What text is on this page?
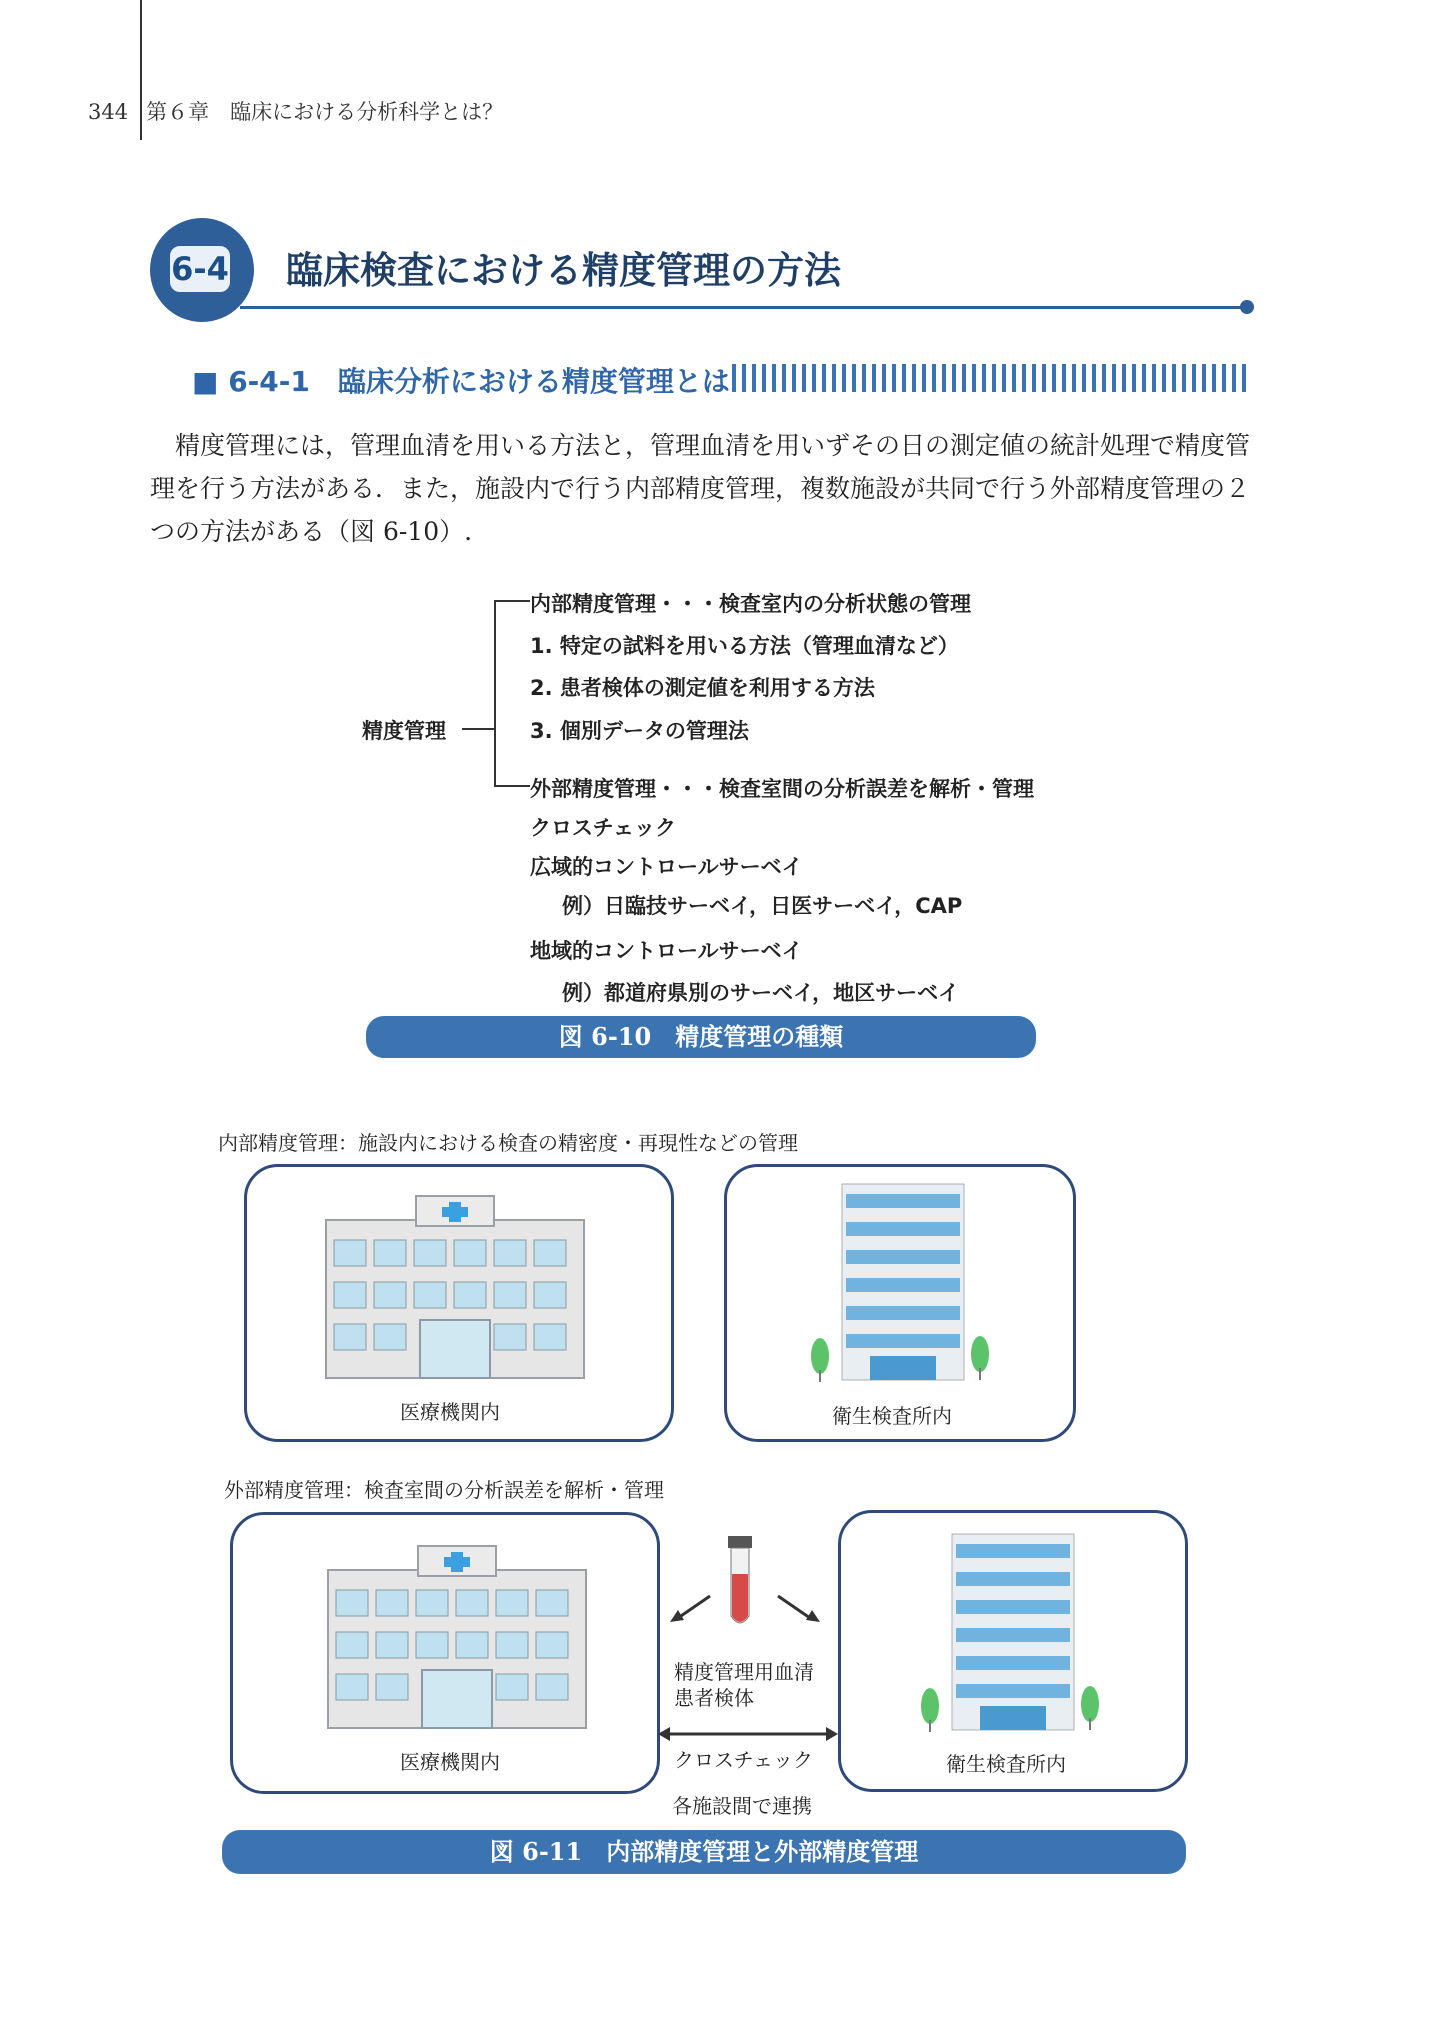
344 第６章　臨床における分析科学とは？
6-4 臨床検査における精度管理の方法
■ 6-4-1　臨床分析における精度管理とは

精度管理には，管理血清を用いる方法と，管理血清を用いずその日の測定値の統計処理で精度管理を行う方法がある．また，施設内で行う内部精度管理，複数施設が共同で行う外部精度管理の２つの方法がある（図 6-10）.

精度管理
内部精度管理・・・検査室内の分析状態の管理
1. 特定の試料を用いる方法（管理血清など）
2. 患者検体の測定値を利用する方法
3. 個別データの管理法
外部精度管理・・・検査室間の分析誤差を解析・管理
クロスチェック
広域的コントロールサーベイ
例）日臨技サーベイ，日医サーベイ，CAP
地域的コントロールサーベイ
例）都道府県別のサーベイ，地区サーベイ
図 6-10　精度管理の種類
内部精度管理：施設内における検査の精密度・再現性などの管理
医療機関内	衛生検査所内
外部精度管理：検査室間の分析誤差を解析・管理
医療機関内	衛生検査所内
精度管理用血清
患者検体
クロスチェック
各施設間で連携
図 6-11　内部精度管理と外部精度管理
